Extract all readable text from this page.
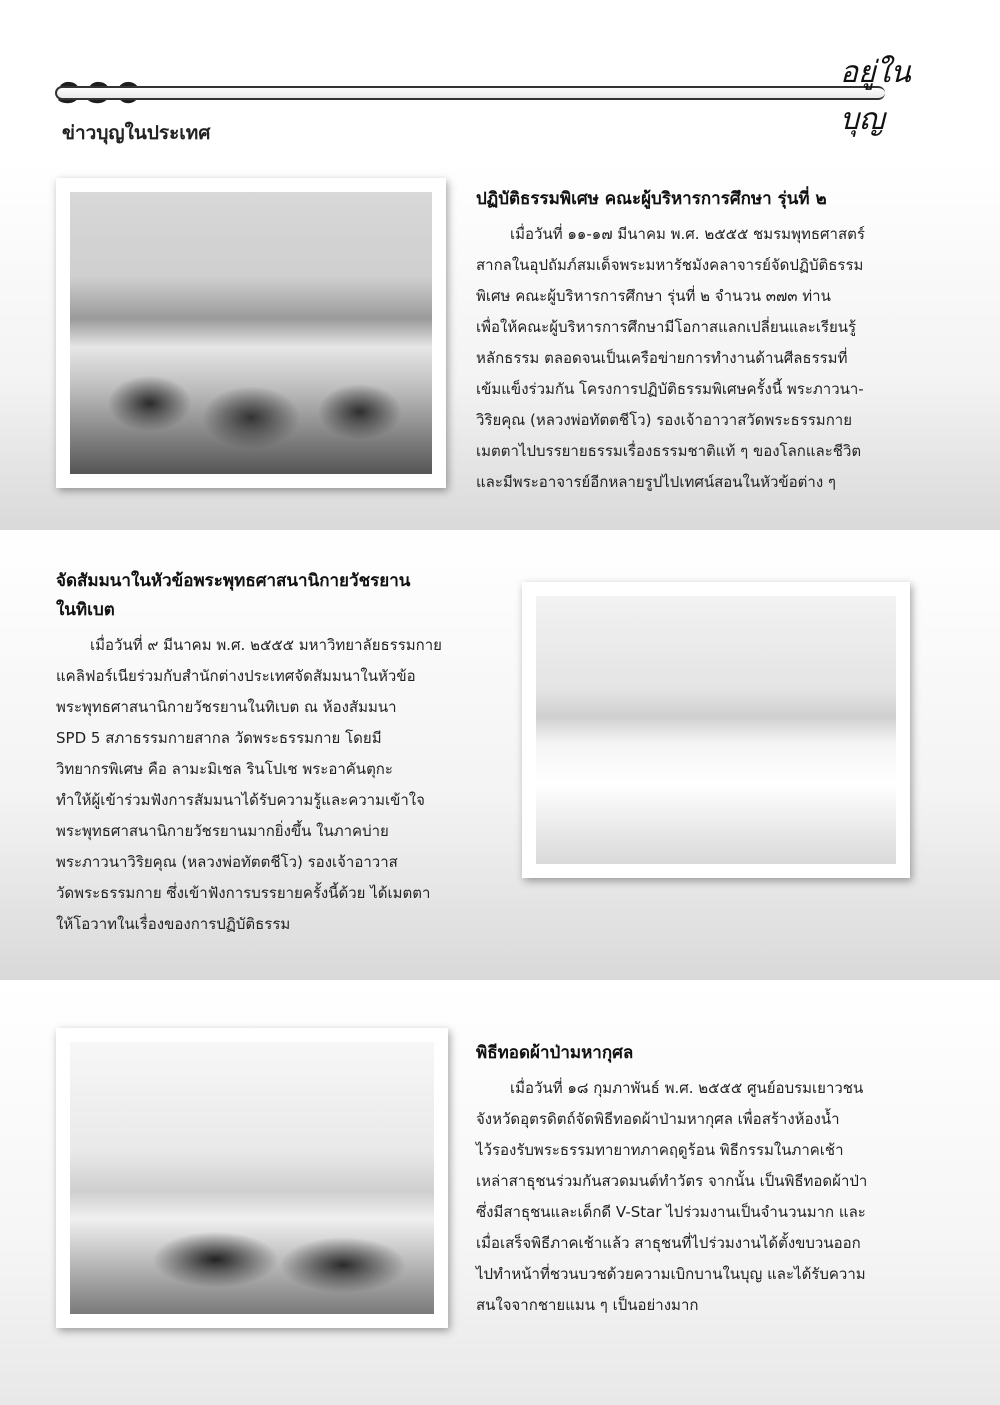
อยู่ในบุญ
ข่าวบุญในประเทศ
ปฏิบัติธรรมพิเศษ คณะผู้บริหารการศึกษา รุ่นที่ ๒
เมื่อวันที่ ๑๑-๑๗ มีนาคม พ.ศ. ๒๕๕๕ ชมรมพุทธศาสตร์
สากลในอุปถัมภ์สมเด็จพระมหารัชมังคลาจารย์จัดปฏิบัติธรรม
พิเศษ คณะผู้บริหารการศึกษา รุ่นที่ ๒ จำนวน ๓๗๓ ท่าน
เพื่อให้คณะผู้บริหารการศึกษามีโอกาสแลกเปลี่ยนและเรียนรู้
หลักธรรม ตลอดจนเป็นเครือข่ายการทำงานด้านศีลธรรมที่
เข้มแข็งร่วมกัน โครงการปฏิบัติธรรมพิเศษครั้งนี้ พระภาวนา-
วิริยคุณ (หลวงพ่อทัตตชีโว) รองเจ้าอาวาสวัดพระธรรมกาย
เมตตาไปบรรยายธรรมเรื่องธรรมชาติแท้ ๆ ของโลกและชีวิต
และมีพระอาจารย์อีกหลายรูปไปเทศน์สอนในหัวข้อต่าง ๆ
จัดสัมมนาในหัวข้อพระพุทธศาสนานิกายวัชรยาน
ในทิเบต
เมื่อวันที่ ๙ มีนาคม พ.ศ. ๒๕๕๕ มหาวิทยาลัยธรรมกาย
แคลิฟอร์เนียร่วมกับสำนักต่างประเทศจัดสัมมนาในหัวข้อ
พระพุทธศาสนานิกายวัชรยานในทิเบต ณ ห้องสัมมนา
SPD 5 สภาธรรมกายสากล วัดพระธรรมกาย โดยมี
วิทยากรพิเศษ คือ ลามะมิเชล รินโปเช พระอาคันตุกะ
ทำให้ผู้เข้าร่วมฟังการสัมมนาได้รับความรู้และความเข้าใจ
พระพุทธศาสนานิกายวัชรยานมากยิ่งขึ้น ในภาคบ่าย
พระภาวนาวิริยคุณ (หลวงพ่อทัตตชีโว) รองเจ้าอาวาส
วัดพระธรรมกาย ซึ่งเข้าฟังการบรรยายครั้งนี้ด้วย ได้เมตตา
ให้โอวาทในเรื่องของการปฏิบัติธรรม
พิธีทอดผ้าป่ามหากุศล
เมื่อวันที่ ๑๘ กุมภาพันธ์ พ.ศ. ๒๕๕๕ ศูนย์อบรมเยาวชน
จังหวัดอุตรดิตถ์จัดพิธีทอดผ้าป่ามหากุศล เพื่อสร้างห้องน้ำ
ไว้รองรับพระธรรมทายาทภาคฤดูร้อน พิธีกรรมในภาคเช้า
เหล่าสาธุชนร่วมกันสวดมนต์ทำวัตร จากนั้น เป็นพิธีทอดผ้าป่า
ซึ่งมีสาธุชนและเด็กดี V-Star ไปร่วมงานเป็นจำนวนมาก และ
เมื่อเสร็จพิธีภาคเช้าแล้ว สาธุชนที่ไปร่วมงานได้ตั้งขบวนออก
ไปทำหน้าที่ชวนบวชด้วยความเบิกบานในบุญ และได้รับความ
สนใจจากชายแมน ๆ เป็นอย่างมาก
